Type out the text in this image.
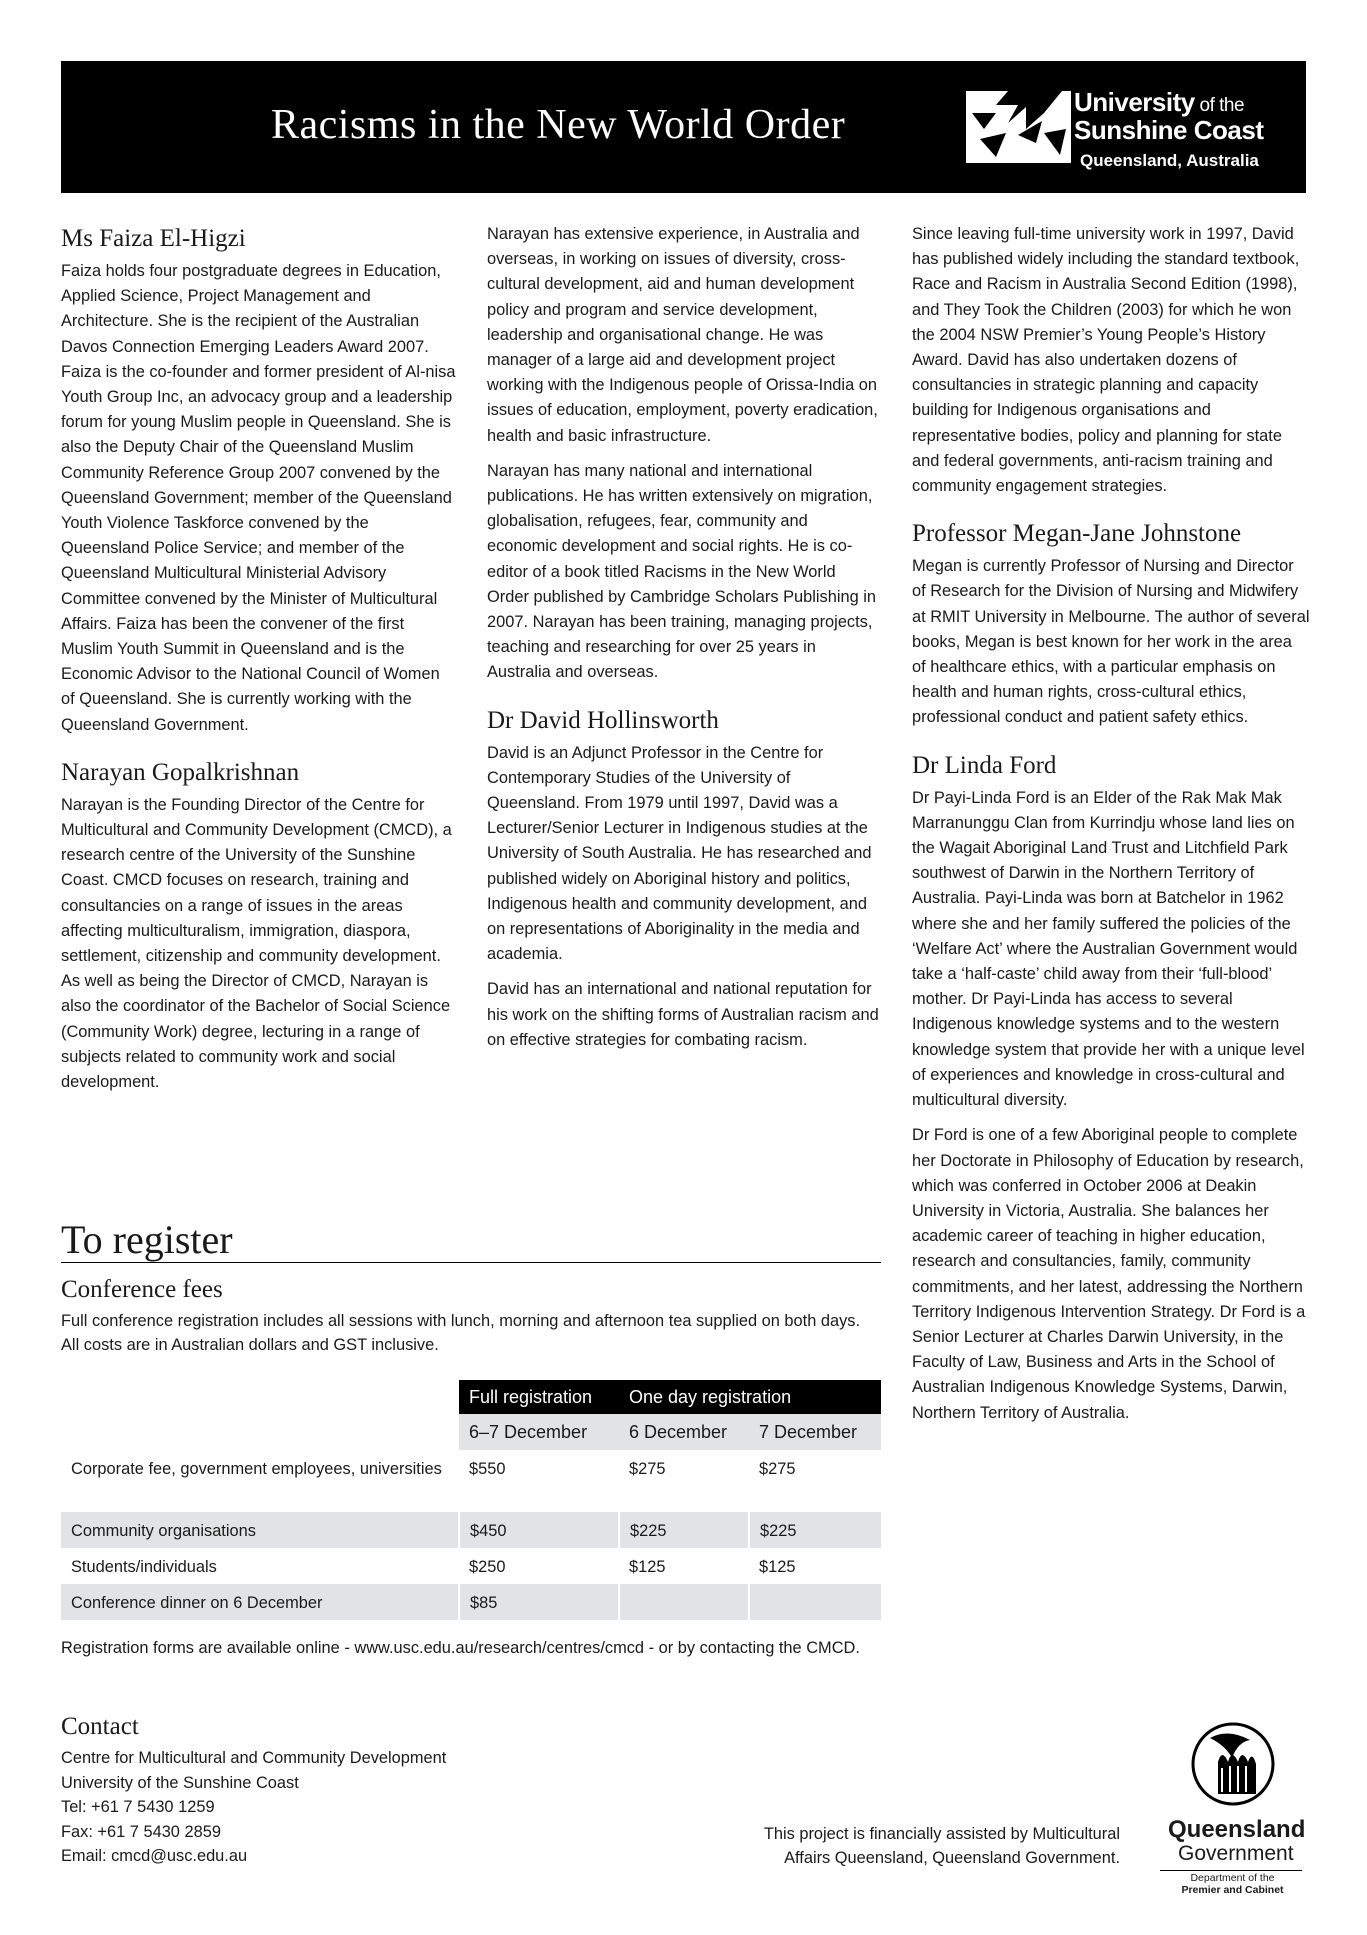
Racisms in the New World Order	University of the
Sunshine Coast
Queensland, Australia
Ms Faiza El-Higzi

Faiza holds four postgraduate degrees in Education, Applied Science, Project Management and Architecture. She is the recipient of the Australian Davos Connection Emerging Leaders Award 2007. Faiza is the co-founder and former president of Al-nisa Youth Group Inc, an advocacy group and a leadership forum for young Muslim people in Queensland. She is also the Deputy Chair of the Queensland Muslim Community Reference Group 2007 convened by the Queensland Government; member of the Queensland Youth Violence Taskforce convened by the Queensland Police Service; and member of the Queensland Multicultural Ministerial Advisory Committee convened by the Minister of Multicultural Affairs. Faiza has been the convener of the first Muslim Youth Summit in Queensland and is the Economic Advisor to the National Council of Women of Queensland. She is currently working with the Queensland Government.

Narayan Gopalkrishnan

Narayan is the Founding Director of the Centre for Multicultural and Community Development (CMCD), a research centre of the University of the Sunshine Coast. CMCD focuses on research, training and consultancies on a range of issues in the areas affecting multiculturalism, immigration, diaspora, settlement, citizenship and community development. As well as being the Director of CMCD, Narayan is also the coordinator of the Bachelor of Social Science (Community Work) degree, lecturing in a range of subjects related to community work and social development.

Narayan has extensive experience, in Australia and overseas, in working on issues of diversity, cross-cultural development, aid and human development policy and program and service development, leadership and organisational change. He was manager of a large aid and development project working with the Indigenous people of Orissa-India on issues of education, employment, poverty eradication, health and basic infrastructure.

Narayan has many national and international publications. He has written extensively on migration, globalisation, refugees, fear, community and economic development and social rights. He is co-editor of a book titled Racisms in the New World Order published by Cambridge Scholars Publishing in 2007. Narayan has been training, managing projects, teaching and researching for over 25 years in Australia and overseas.

Dr David Hollinsworth

David is an Adjunct Professor in the Centre for Contemporary Studies of the University of Queensland. From 1979 until 1997, David was a Lecturer/Senior Lecturer in Indigenous studies at the University of South Australia. He has researched and published widely on Aboriginal history and politics, Indigenous health and community development, and on representations of Aboriginality in the media and academia.

David has an international and national reputation for his work on the shifting forms of Australian racism and on effective strategies for combating racism.

Since leaving full-time university work in 1997, David has published widely including the standard textbook, Race and Racism in Australia Second Edition (1998), and They Took the Children (2003) for which he won the 2004 NSW Premier’s Young People’s History Award. David has also undertaken dozens of consultancies in strategic planning and capacity building for Indigenous organisations and representative bodies, policy and planning for state and federal governments, anti-racism training and community engagement strategies.

Professor Megan-Jane Johnstone

Megan is currently Professor of Nursing and Director of Research for the Division of Nursing and Midwifery at RMIT University in Melbourne. The author of several books, Megan is best known for her work in the area of healthcare ethics, with a particular emphasis on health and human rights, cross-cultural ethics, professional conduct and patient safety ethics.

Dr Linda Ford

Dr Payi-Linda Ford is an Elder of the Rak Mak Mak Marranunggu Clan from Kurrindju whose land lies on the Wagait Aboriginal Land Trust and Litchfield Park southwest of Darwin in the Northern Territory of Australia. Payi-Linda was born at Batchelor in 1962 where she and her family suffered the policies of the ‘Welfare Act’ where the Australian Government would take a ‘half-caste’ child away from their ‘full-blood’ mother. Dr Payi-Linda has access to several Indigenous knowledge systems and to the western knowledge system that provide her with a unique level of experiences and knowledge in cross-cultural and multicultural diversity.

Dr Ford is one of a few Aboriginal people to complete her Doctorate in Philosophy of Education by research, which was conferred in October 2006 at Deakin University in Victoria, Australia. She balances her academic career of teaching in higher education, research and consultancies, family, community commitments, and her latest, addressing the Northern Territory Indigenous Intervention Strategy. Dr Ford is a Senior Lecturer at Charles Darwin University, in the Faculty of Law, Business and Arts in the School of Australian Indigenous Knowledge Systems, Darwin, Northern Territory of Australia.

To register
Conference fees

Full conference registration includes all sessions with lunch, morning and afternoon tea supplied on both days. All costs are in Australian dollars and GST inclusive.

	Full registration	One day registration	
	6–7 December	6 December	7 December
Corporate fee, government employees, universities	$550	$275	$275
Community organisations	$450	$225	$225
Students/individuals	$250	$125	$125
Conference dinner on 6 December	$85		
Registration forms are available online - www.usc.edu.au/research/centres/cmcd - or by contacting the CMCD.
Contact
Centre for Multicultural and Community Development
University of the Sunshine Coast
Tel: +61 7 5430 1259
Fax: +61 7 5430 2859
Email: cmcd@usc.edu.au
This project is financially assisted by Multicultural
Affairs Queensland, Queensland Government.
Queensland
Government
Department of the
Premier and Cabinet
